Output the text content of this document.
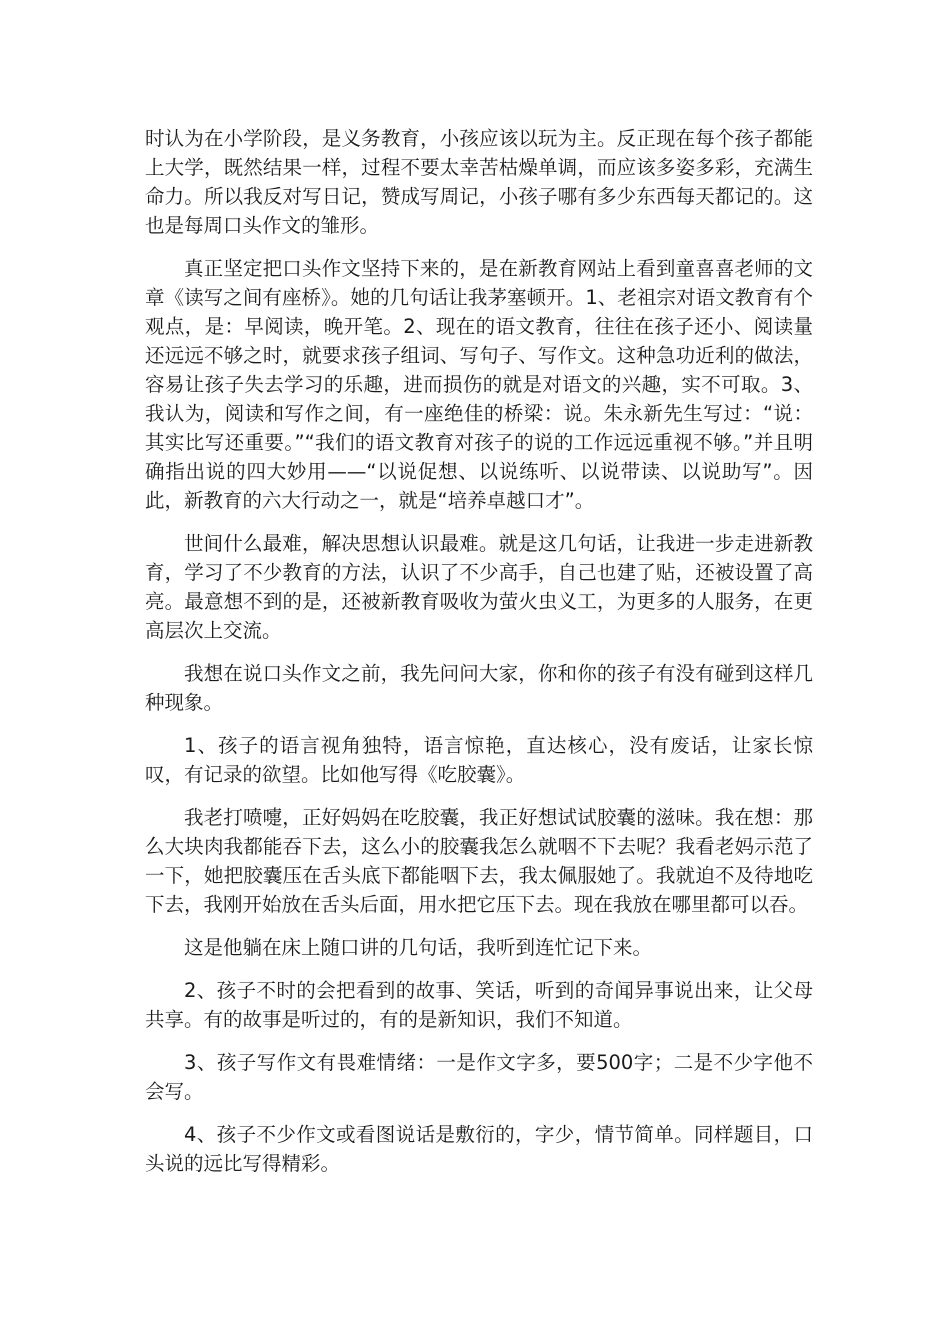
时认为在小学阶段，是义务教育，小孩应该以玩为主。反正现在每个孩子都能上大学，既然结果一样，过程不要太幸苦枯燥单调，而应该多姿多彩，充满生命力。所以我反对写日记，赞成写周记，小孩子哪有多少东西每天都记的。这也是每周口头作文的雏形。

真正坚定把口头作文坚持下来的，是在新教育网站上看到童喜喜老师的文章《读写之间有座桥》。她的几句话让我茅塞顿开。1、老祖宗对语文教育有个观点，是：早阅读，晚开笔。2、现在的语文教育，往往在孩子还小、阅读量还远远不够之时，就要求孩子组词、写句子、写作文。这种急功近利的做法，容易让孩子失去学习的乐趣，进而损伤的就是对语文的兴趣，实不可取。3、我认为，阅读和写作之间，有一座绝佳的桥梁：说。朱永新先生写过：“说：其实比写还重要。”“我们的语文教育对孩子的说的工作远远重视不够。”并且明确指出说的四大妙用——“以说促想、以说练听、以说带读、以说助写”。因此，新教育的六大行动之一，就是“培养卓越口才”。

世间什么最难，解决思想认识最难。就是这几句话，让我进一步走进新教育，学习了不少教育的方法，认识了不少高手，自己也建了贴，还被设置了高亮。最意想不到的是，还被新教育吸收为萤火虫义工，为更多的人服务，在更高层次上交流。

我想在说口头作文之前，我先问问大家，你和你的孩子有没有碰到这样几种现象。

1、孩子的语言视角独特，语言惊艳，直达核心，没有废话，让家长惊叹，有记录的欲望。比如他写得《吃胶囊》。

我老打喷嚏，正好妈妈在吃胶囊，我正好想试试胶囊的滋味。我在想：那么大块肉我都能吞下去，这么小的胶囊我怎么就咽不下去呢？我看老妈示范了一下，她把胶囊压在舌头底下都能咽下去，我太佩服她了。我就迫不及待地吃下去，我刚开始放在舌头后面，用水把它压下去。现在我放在哪里都可以吞。

这是他躺在床上随口讲的几句话，我听到连忙记下来。

2、孩子不时的会把看到的故事、笑话，听到的奇闻异事说出来，让父母共享。有的故事是听过的，有的是新知识，我们不知道。

3、孩子写作文有畏难情绪：一是作文字多，要500字；二是不少字他不会写。

4、孩子不少作文或看图说话是敷衍的，字少，情节简单。同样题目，口头说的远比写得精彩。
